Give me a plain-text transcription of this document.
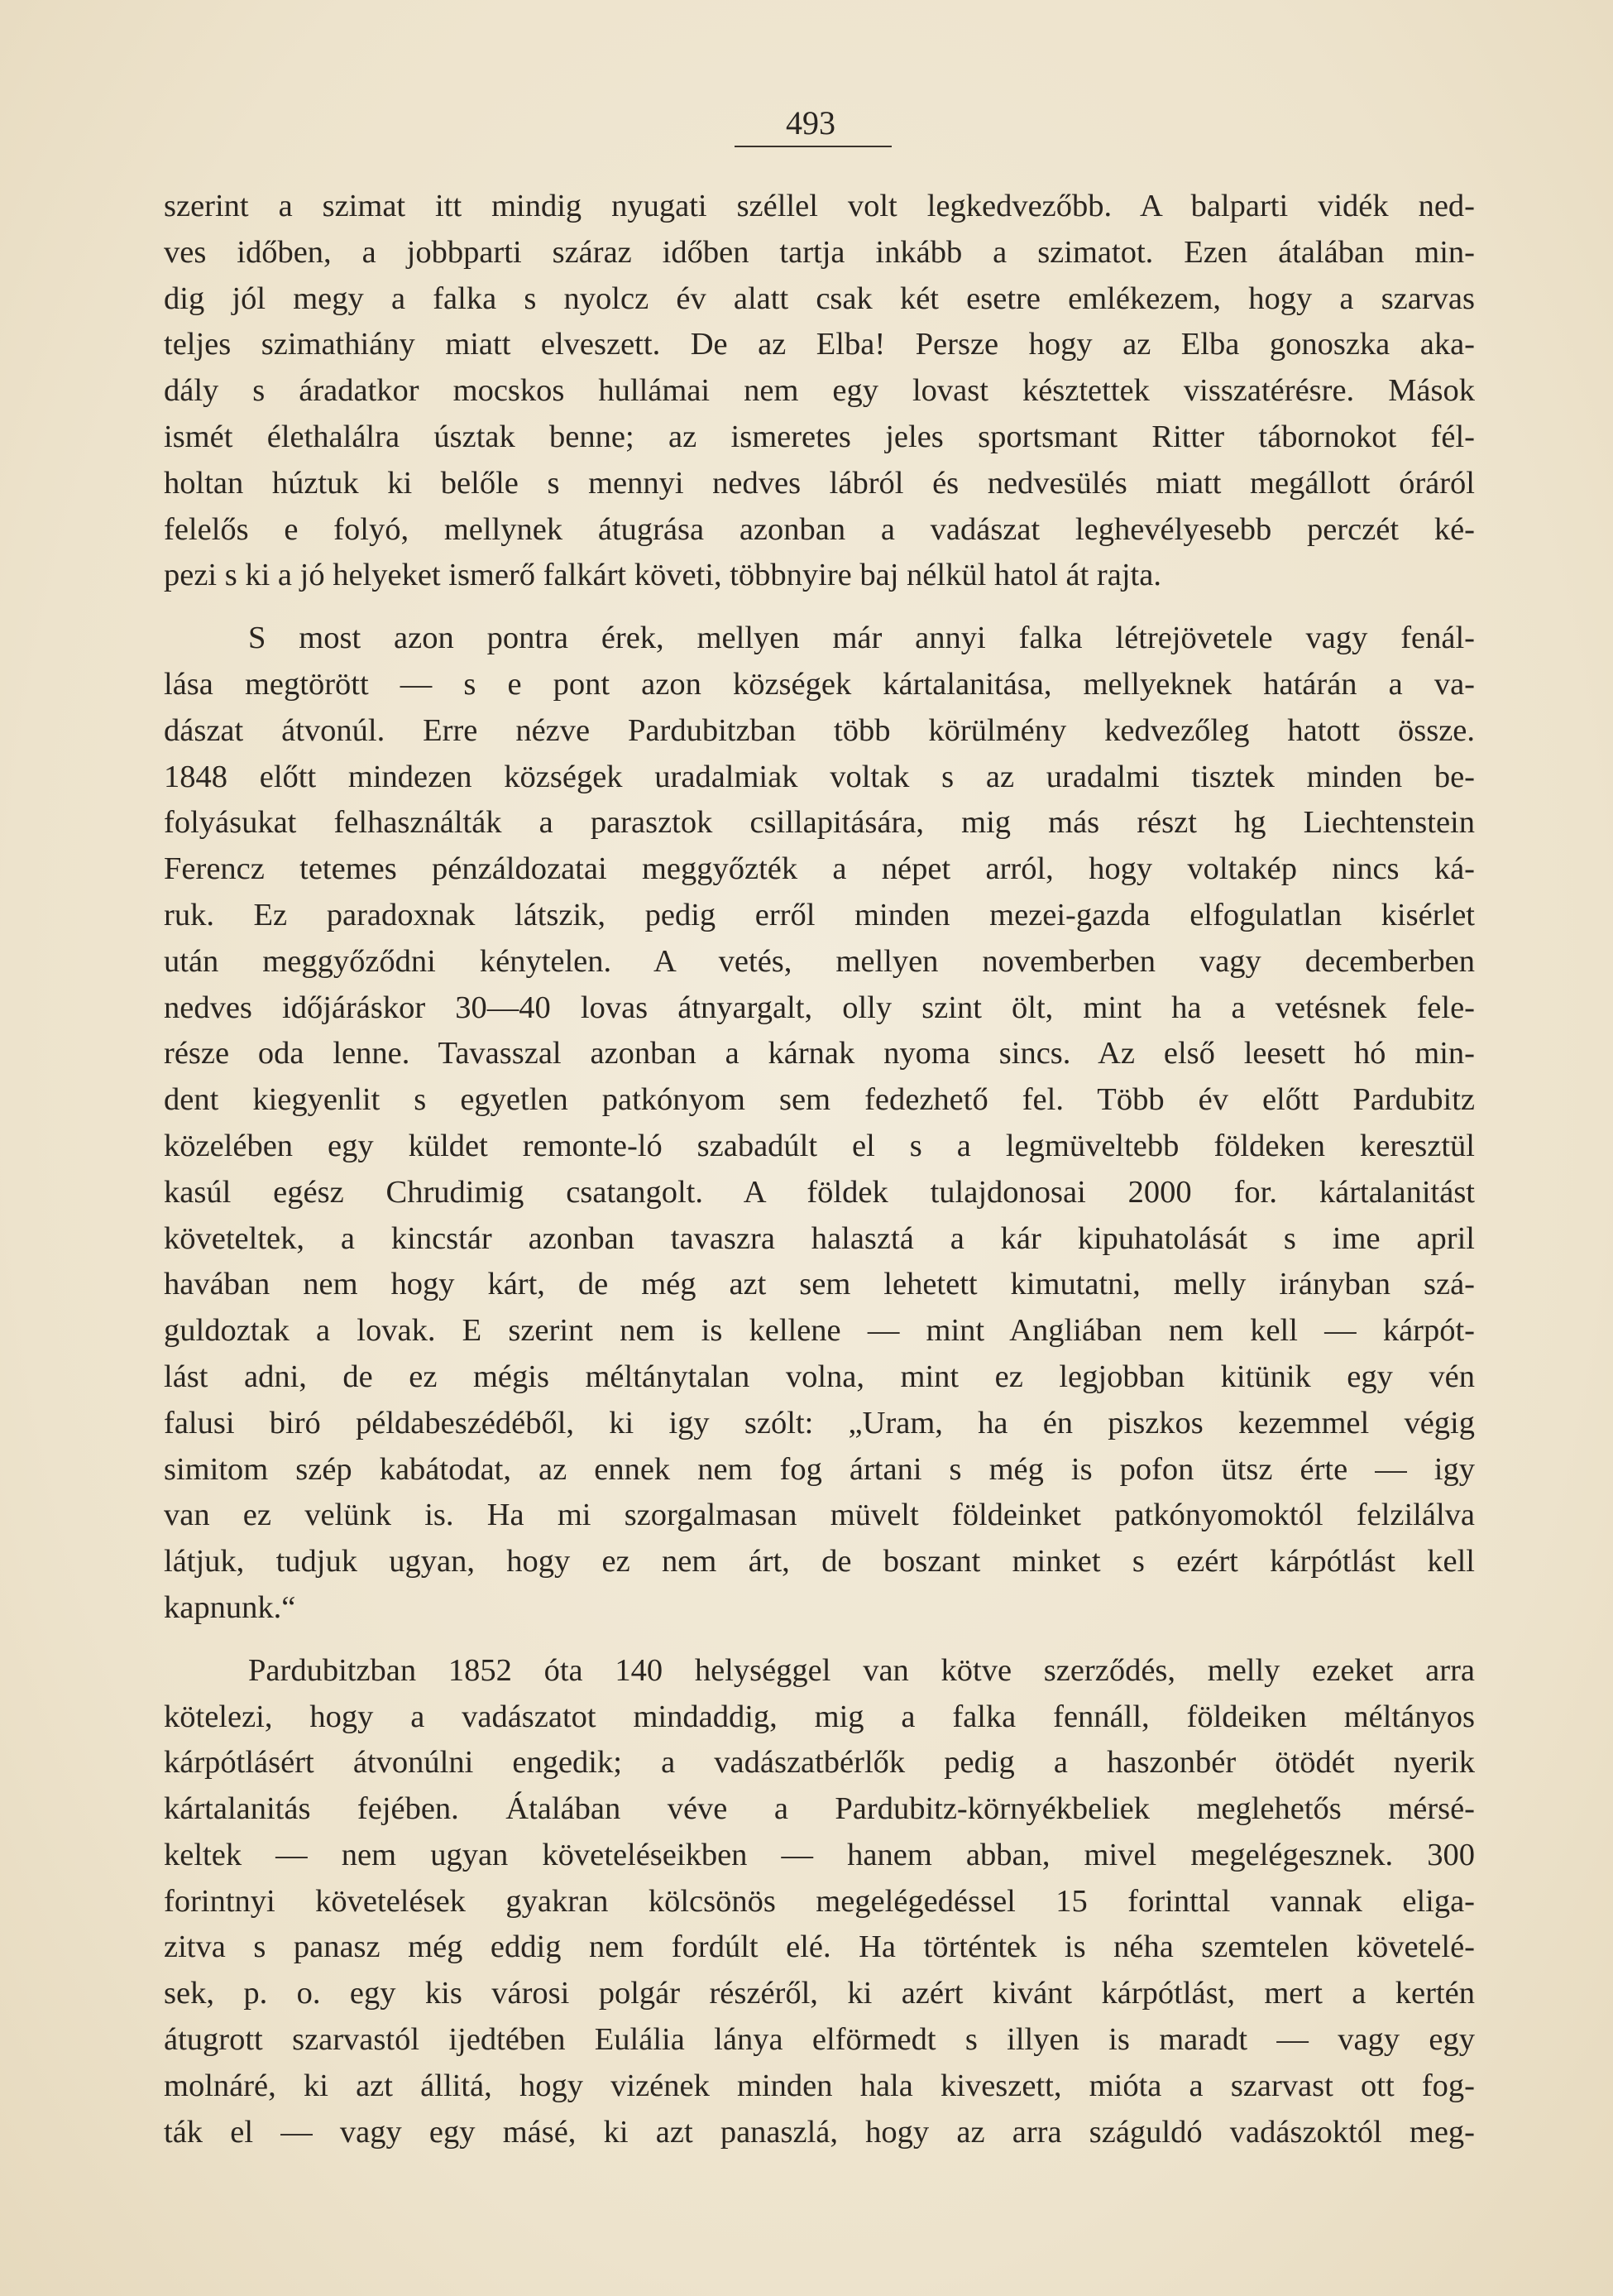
493
szerint a szimat itt mindig nyugati széllel volt legkedvezőbb. A balparti vidék ned-
ves időben, a jobbparti száraz időben tartja inkább a szimatot. Ezen átalában min-
dig jól megy a falka s nyolcz év alatt csak két esetre emlékezem, hogy a szarvas
teljes szimathiány miatt elveszett. De az Elba! Persze hogy az Elba gonoszka aka-
dály s áradatkor mocskos hullámai nem egy lovast késztettek visszatérésre. Mások
ismét élethalálra úsztak benne; az ismeretes jeles sportsmant Ritter tábornokot fél-
holtan húztuk ki belőle s mennyi nedves lábról és nedvesülés miatt megállott óráról
felelős e folyó, mellynek átugrása azonban a vadászat leghevélyesebb perczét ké-
pezi s ki a jó helyeket ismerő falkárt követi, többnyire baj nélkül hatol át rajta.
S most azon pontra érek, mellyen már annyi falka létrejövetele vagy fenál-
lása megtörött — s e pont azon községek kártalanitása, mellyeknek határán a va-
dászat átvonúl. Erre nézve Pardubitzban több körülmény kedvezőleg hatott össze.
1848 előtt mindezen községek uradalmiak voltak s az uradalmi tisztek minden be-
folyásukat felhasználták a parasztok csillapitására, mig más részt hg Liechtenstein
Ferencz tetemes pénzáldozatai meggyőzték a népet arról, hogy voltakép nincs ká-
ruk. Ez paradoxnak látszik, pedig erről minden mezei-gazda elfogulatlan kisérlet
után meggyőződni kénytelen. A vetés, mellyen novemberben vagy decemberben
nedves időjáráskor 30—40 lovas átnyargalt, olly szint ölt, mint ha a vetésnek fele-
része oda lenne. Tavasszal azonban a kárnak nyoma sincs. Az első leesett hó min-
dent kiegyenlit s egyetlen patkónyom sem fedezhető fel. Több év előtt Pardubitz
közelében egy küldet remonte-ló szabadúlt el s a legmüveltebb földeken keresztül
kasúl egész Chrudimig csatangolt. A földek tulajdonosai 2000 for. kártalanitást
követeltek, a kincstár azonban tavaszra halasztá a kár kipuhatolását s ime april
havában nem hogy kárt, de még azt sem lehetett kimutatni, melly irányban szá-
guldoztak a lovak. E szerint nem is kellene — mint Angliában nem kell — kárpót-
lást adni, de ez mégis méltánytalan volna, mint ez legjobban kitünik egy vén
falusi biró példabeszédéből, ki igy szólt: „Uram, ha én piszkos kezemmel végig
simitom szép kabátodat, az ennek nem fog ártani s még is pofon ütsz érte — igy
van ez velünk is. Ha mi szorgalmasan müvelt földeinket patkónyomoktól felzilálva
látjuk, tudjuk ugyan, hogy ez nem árt, de boszant minket s ezért kárpótlást kell
kapnunk.“
Pardubitzban 1852 óta 140 helységgel van kötve szerződés, melly ezeket arra
kötelezi, hogy a vadászatot mindaddig, mig a falka fennáll, földeiken méltányos
kárpótlásért átvonúlni engedik; a vadászatbérlők pedig a haszonbér ötödét nyerik
kártalanitás fejében. Átalában véve a Pardubitz-környékbeliek meglehetős mérsé-
keltek — nem ugyan követeléseikben — hanem abban, mivel megelégesznek. 300
forintnyi követelések gyakran kölcsönös megelégedéssel 15 forinttal vannak eliga-
zitva s panasz még eddig nem fordúlt elé. Ha történtek is néha szemtelen követelé-
sek, p. o. egy kis városi polgár részéről, ki azért kivánt kárpótlást, mert a kertén
átugrott szarvastól ijedtében Eulália lánya elförmedt s illyen is maradt — vagy egy
molnáré, ki azt állitá, hogy vizének minden hala kiveszett, mióta a szarvast ott fog-
ták el — vagy egy másé, ki azt panaszlá, hogy az arra száguldó vadászoktól meg-
